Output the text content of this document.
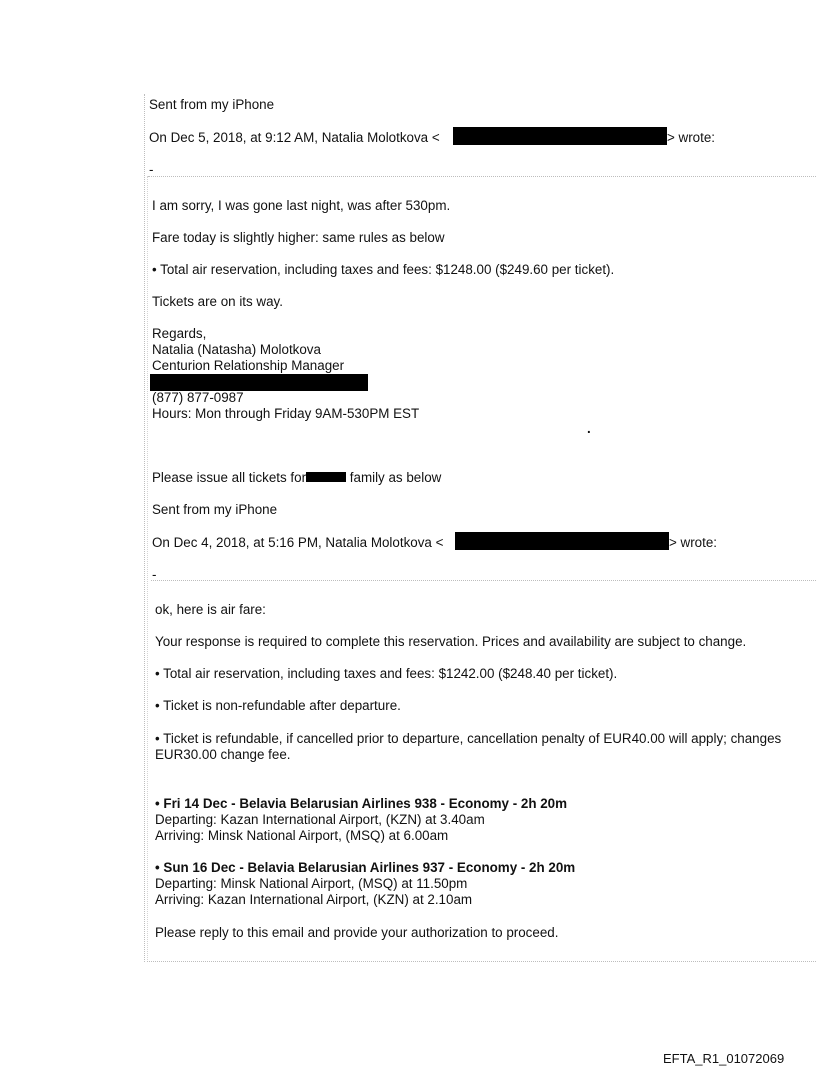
Sent from my iPhone
On Dec 5, 2018, at 9:12 AM, Natalia Molotkova <	> wrote:
-
I am sorry, I was gone last night, was after 530pm.
Fare today is slightly higher: same rules as below
• Total air reservation, including taxes and fees: $1248.00 ($249.60 per ticket).
Tickets are on its way.
Regards,
Natalia (Natasha) Molotkova
Centurion Relationship Manager
(877) 877-0987
Hours: Mon through Friday 9AM-530PM EST
.
Please issue all tickets for	family as below
Sent from my iPhone
On Dec 4, 2018, at 5:16 PM, Natalia Molotkova <	> wrote:
-
ok, here is air fare:
Your response is required to complete this reservation. Prices and availability are subject to change.
• Total air reservation, including taxes and fees: $1242.00 ($248.40 per ticket).
• Ticket is non-refundable after departure.
• Ticket is refundable, if cancelled prior to departure, cancellation penalty of EUR40.00 will apply; changes
EUR30.00 change fee.
• Fri 14 Dec - Belavia Belarusian Airlines 938 - Economy - 2h 20m
Departing: Kazan International Airport, (KZN) at 3.40am
Arriving: Minsk National Airport, (MSQ) at 6.00am
• Sun 16 Dec - Belavia Belarusian Airlines 937 - Economy - 2h 20m
Departing: Minsk National Airport, (MSQ) at 11.50pm
Arriving: Kazan International Airport, (KZN) at 2.10am
Please reply to this email and provide your authorization to proceed.
EFTA_R1_01072069
